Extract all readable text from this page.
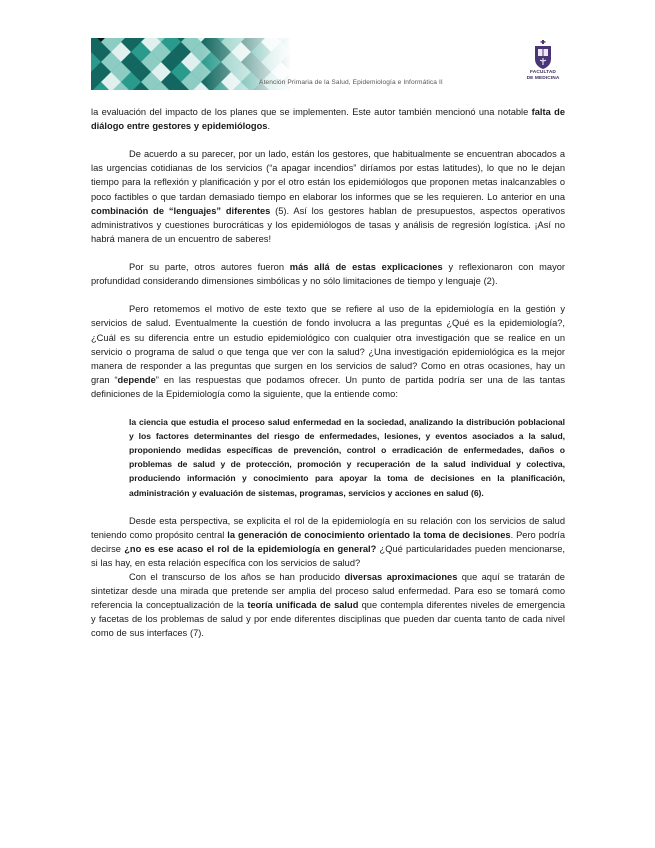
Atención Primaria de la Salud, Epidemiología e Informática II
FACULTAD
DE MEDICINA

la evaluación del impacto de los planes que se implementen. Este autor también mencionó una notable falta de diálogo entre gestores y epidemiólogos.

De acuerdo a su parecer, por un lado, están los gestores, que habitualmente se encuentran abocados a las urgencias cotidianas de los servicios (“a apagar incendios” diríamos por estas latitudes), lo que no le dejan tiempo para la reflexión y planificación y por el otro están los epidemiólogos que proponen metas inalcanzables o poco factibles o que tardan demasiado tiempo en elaborar los informes que se les requieren. Lo anterior en una combinación de “lenguajes” diferentes (5). Así los gestores hablan de presupuestos, aspectos operativos administrativos y cuestiones burocráticas y los epidemiólogos de tasas y análisis de regresión logística. ¡Así no habrá manera de un encuentro de saberes!

Por su parte, otros autores fueron más allá de estas explicaciones y reflexionaron con mayor profundidad considerando dimensiones simbólicas y no sólo limitaciones de tiempo y lenguaje (2).

Pero retomemos el motivo de este texto que se refiere al uso de la epidemiología en la gestión y servicios de salud. Eventualmente la cuestión de fondo involucra a las preguntas ¿Qué es la epidemiología?, ¿Cuál es su diferencia entre un estudio epidemiológico con cualquier otra investigación que se realice en un servicio o programa de salud o que tenga que ver con la salud? ¿Una investigación epidemiológica es la mejor manera de responder a las preguntas que surgen en los servicios de salud? Como en otras ocasiones, hay un gran “depende” en las respuestas que podamos ofrecer. Un punto de partida podría ser una de las tantas definiciones de la Epidemiología como la siguiente, que la entiende como:

la ciencia que estudia el proceso salud enfermedad en la sociedad, analizando la distribución poblacional y los factores determinantes del riesgo de enfermedades, lesiones, y eventos asociados a la salud, proponiendo medidas específicas de prevención, control o erradicación de enfermedades, daños o problemas de salud y de protección, promoción y recuperación de la salud individual y colectiva, produciendo información y conocimiento para apoyar la toma de decisiones en la planificación, administración y evaluación de sistemas, programas, servicios y acciones en salud (6).

Desde esta perspectiva, se explicita el rol de la epidemiología en su relación con los servicios de salud teniendo como propósito central la generación de conocimiento orientado la toma de decisiones. Pero podría decirse ¿no es ese acaso el rol de la epidemiología en general? ¿Qué particularidades pueden mencionarse, si las hay, en esta relación específica con los servicios de salud?

Con el transcurso de los años se han producido diversas aproximaciones que aquí se tratarán de sintetizar desde una mirada que pretende ser amplia del proceso salud enfermedad. Para eso se tomará como referencia la conceptualización de la teoría unificada de salud que contempla diferentes niveles de emergencia y facetas de los problemas de salud y por ende diferentes disciplinas que pueden dar cuenta tanto de cada nivel como de sus interfaces (7).
